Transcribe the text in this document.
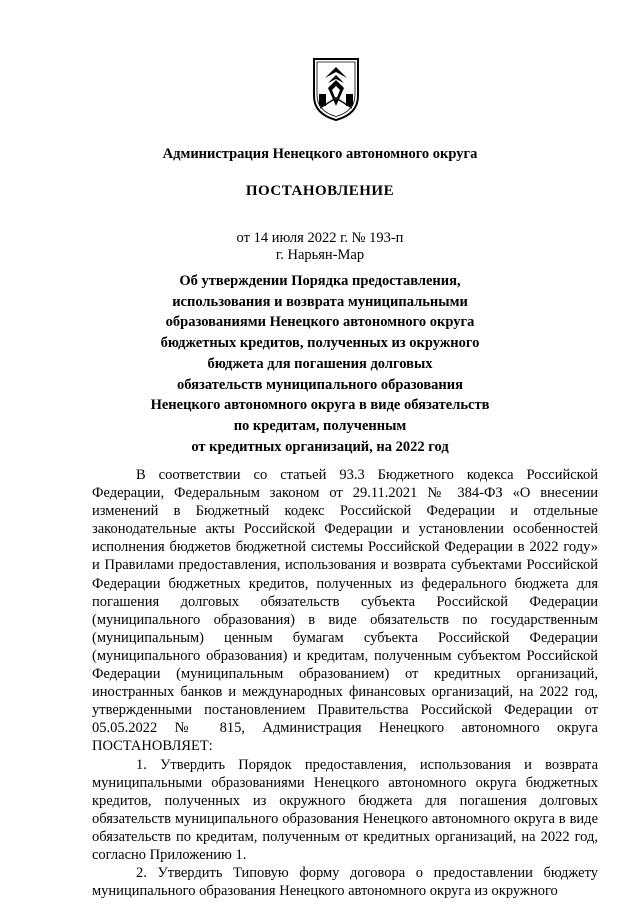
Администрация Ненецкого автономного округа
ПОСТАНОВЛЕНИЕ
от 14 июля 2022 г. № 193-п
г. Нарьян-Мар
Об утверждении Порядка предоставления,
использования и возврата муниципальными
образованиями Ненецкого автономного округа
бюджетных кредитов, полученных из окружного
бюджета для погашения долговых
обязательств муниципального образования
Ненецкого автономного округа в виде обязательств
по кредитам, полученным
от кредитных организаций, на 2022 год

В соответствии со статьей 93.3 Бюджетного кодекса Российской Федерации, Федеральным законом от 29.11.2021 № 384-ФЗ «О внесении изменений в Бюджетный кодекс Российской Федерации и отдельные законодательные акты Российской Федерации и установлении особенностей исполнения бюджетов бюджетной системы Российской Федерации в 2022 году» и Правилами предоставления, использования и возврата субъектами Российской Федерации бюджетных кредитов, полученных из федерального бюджета для погашения долговых обязательств субъекта Российской Федерации (муниципального образования) в виде обязательств по государственным (муниципальным) ценным бумагам субъекта Российской Федерации (муниципального образования) и кредитам, полученным субъектом Российской Федерации (муниципальным образованием) от кредитных организаций, иностранных банков и международных финансовых организаций, на 2022 год, утвержденными постановлением Правительства Российской Федерации от 05.05.2022 № 815, Администрация Ненецкого автономного округа ПОСТАНОВЛЯЕТ:

1. Утвердить Порядок предоставления, использования и возврата муниципальными образованиями Ненецкого автономного округа бюджетных кредитов, полученных из окружного бюджета для погашения долговых обязательств муниципального образования Ненецкого автономного округа в виде обязательств по кредитам, полученным от кредитных организаций, на 2022 год, согласно Приложению 1.

2. Утвердить Типовую форму договора о предоставлении бюджету муниципального образования Ненецкого автономного округа из окружного
